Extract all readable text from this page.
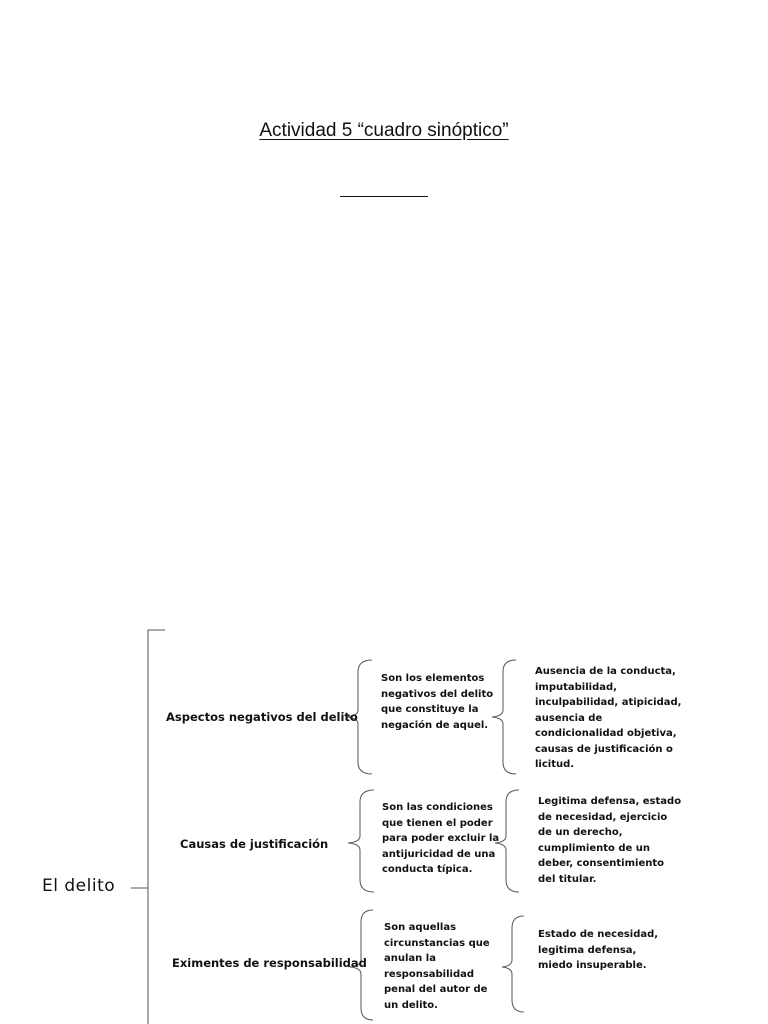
Actividad 5 “cuadro sinóptico”
El delito
Aspectos negativos del delito
Son los elementos
negativos del delito
que constituye la
negación de aquel.
Ausencia de la conducta,
imputabilidad,
inculpabilidad, atipicidad,
ausencia de
condicionalidad objetiva,
causas de justificación o
licitud.
Causas de justificación
Son las condiciones
que tienen el poder
para poder excluir la
antijuricidad de una
conducta típica.
Legitima defensa, estado
de necesidad, ejercicio
de un derecho,
cumplimiento de un
deber, consentimiento
del titular.
Eximentes de responsabilidad
Son aquellas
circunstancias que
anulan la
responsabilidad
penal del autor de
un delito.
Estado de necesidad,
legitima defensa,
miedo insuperable.
